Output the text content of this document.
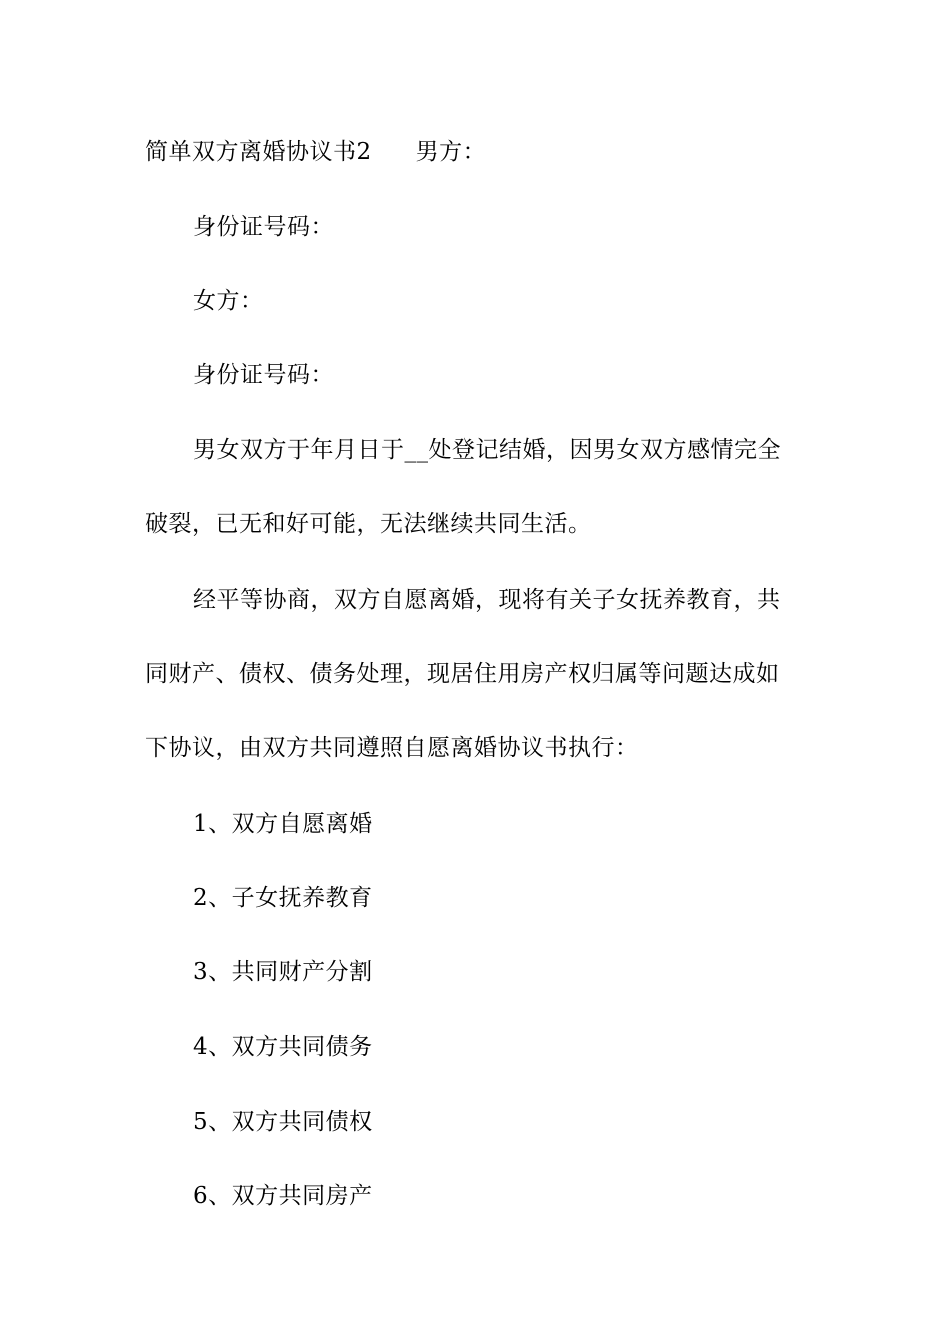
简单双方离婚协议书2 男方：
身份证号码：
女方：
身份证号码：
男女双方于年月日于__处登记结婚，因男女双方感情完全
破裂，已无和好可能，无法继续共同生活。
经平等协商，双方自愿离婚，现将有关子女抚养教育，共
同财产、债权、债务处理，现居住用房产权归属等问题达成如
下协议，由双方共同遵照自愿离婚协议书执行：
1、双方自愿离婚
2、子女抚养教育
3、共同财产分割
4、双方共同债务
5、双方共同债权
6、双方共同房产
